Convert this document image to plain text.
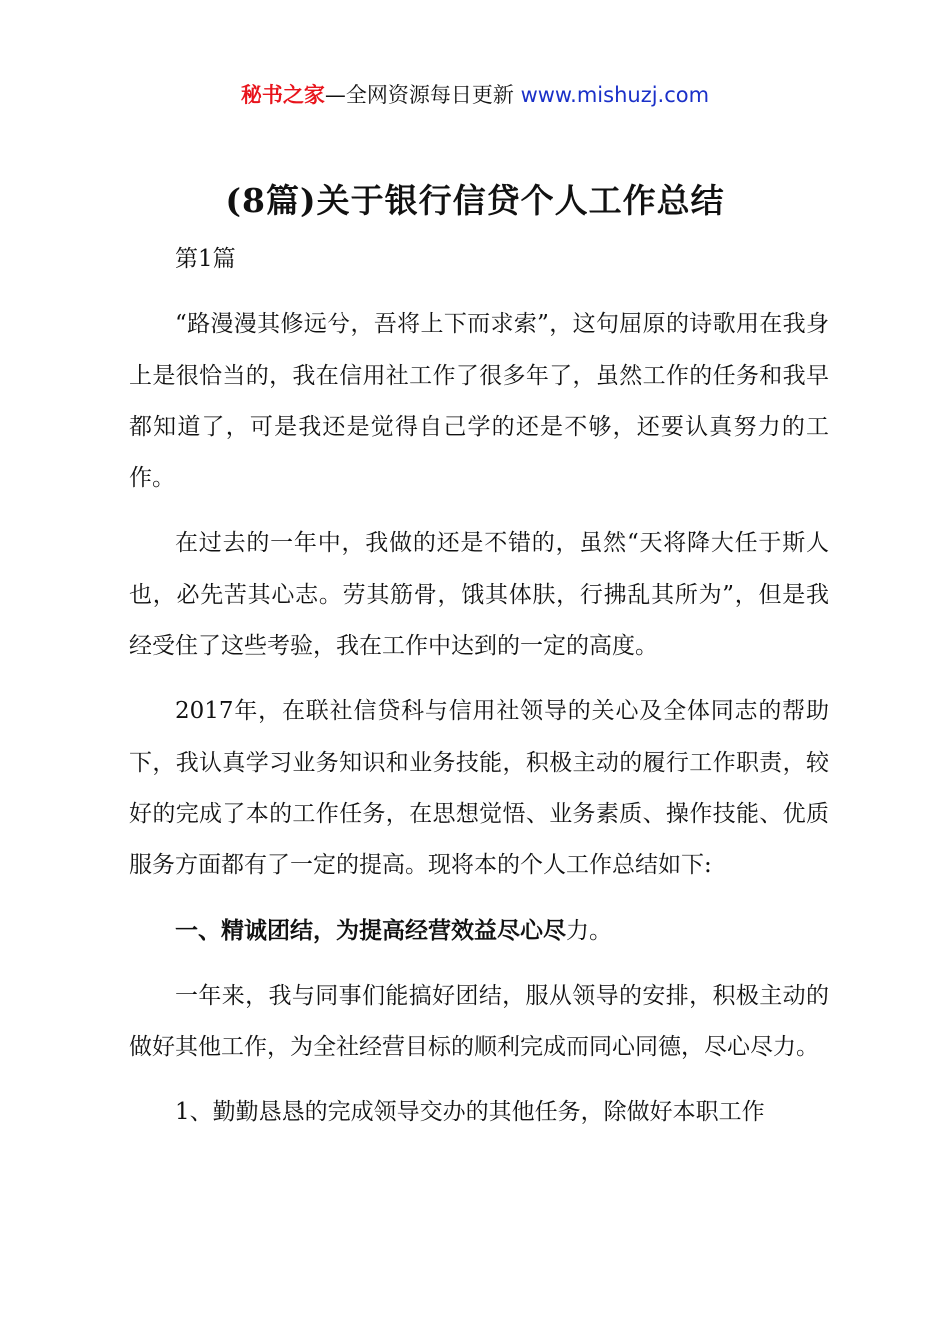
秘书之家—全网资源每日更新 www.mishuzj.com
(8篇)关于银行信贷个人工作总结

第1篇

“路漫漫其修远兮，吾将上下而求索”，这句屈原的诗歌用在我身上是很恰当的，我在信用社工作了很多年了，虽然工作的任务和我早都知道了，可是我还是觉得自己学的还是不够，还要认真努力的工作。

在过去的一年中，我做的还是不错的，虽然“天将降大任于斯人也，必先苦其心志。劳其筋骨，饿其体肤，行拂乱其所为”，但是我经受住了这些考验，我在工作中达到的一定的高度。

2017年，在联社信贷科与信用社领导的关心及全体同志的帮助下，我认真学习业务知识和业务技能，积极主动的履行工作职责，较好的完成了本的工作任务，在思想觉悟、业务素质、操作技能、优质服务方面都有了一定的提高。现将本的个人工作总结如下:

一、精诚团结，为提高经营效益尽心尽力。

一年来，我与同事们能搞好团结，服从领导的安排，积极主动的做好其他工作，为全社经营目标的顺利完成而同心同德，尽心尽力。

1、勤勤恳恳的完成领导交办的其他任务，除做好本职工作
